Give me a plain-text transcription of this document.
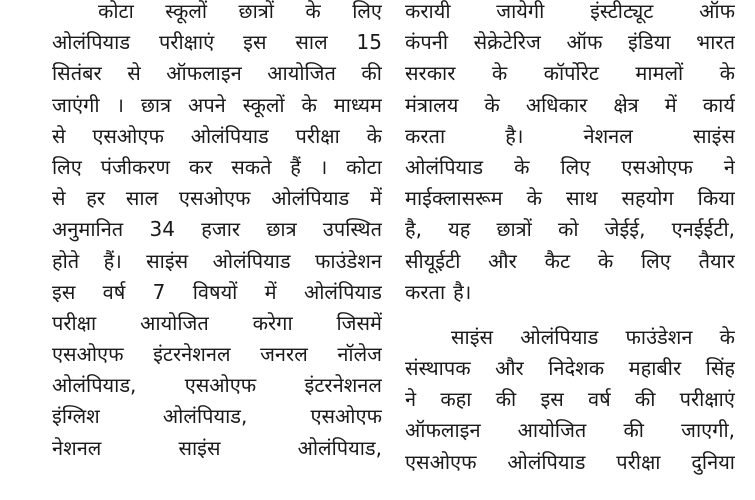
कोटा स्कूलों छात्रों के लिए
ओलंपियाड परीक्षाएं इस साल 15
सितंबर से ऑफलाइन आयोजित की
जाएंगी । छात्र अपने स्कूलों के माध्यम
से एसओएफ ओलंपियाड परीक्षा के
लिए पंजीकरण कर सकते हैं । कोटा
से हर साल एसओएफ ओलंपियाड में
अनुमानित 34 हजार छात्र उपस्थित
होते हैं। साइंस ओलंपियाड फाउंडेशन
इस वर्ष 7 विषयों में ओलंपियाड
परीक्षा आयोजित करेगा जिसमें
एसओएफ इंटरनेशनल जनरल नॉलेज
ओलंपियाड, एसओएफ इंटरनेशनल
इंग्लिश	ओलंपियाड,	एसओएफ
नेशनल	साइंस	ओलंपियाड,
करायी जायेगी इंस्टीट्यूट ऑफ
कंपनी सेक्रेटेरिज ऑफ इंडिया भारत
सरकार के कॉर्पोरेट मामलों के
मंत्रालय के अधिकार क्षेत्र में कार्य
करता	है।	नेशनल	साइंस
ओलंपियाड के लिए एसओएफ ने
माईक्लासरूम के साथ सहयोग किया
है, यह छात्रों को जेईई, एनईईटी,
सीयूईटी और कैट के लिए तैयार
करता है।
साइंस ओलंपियाड फाउंडेशन के
संस्थापक और निदेशक महाबीर सिंह
ने कहा की इस वर्ष की परीक्षाएं
ऑफलाइन आयोजित की जाएगी,
एसओएफ ओलंपियाड परीक्षा दुनिया
